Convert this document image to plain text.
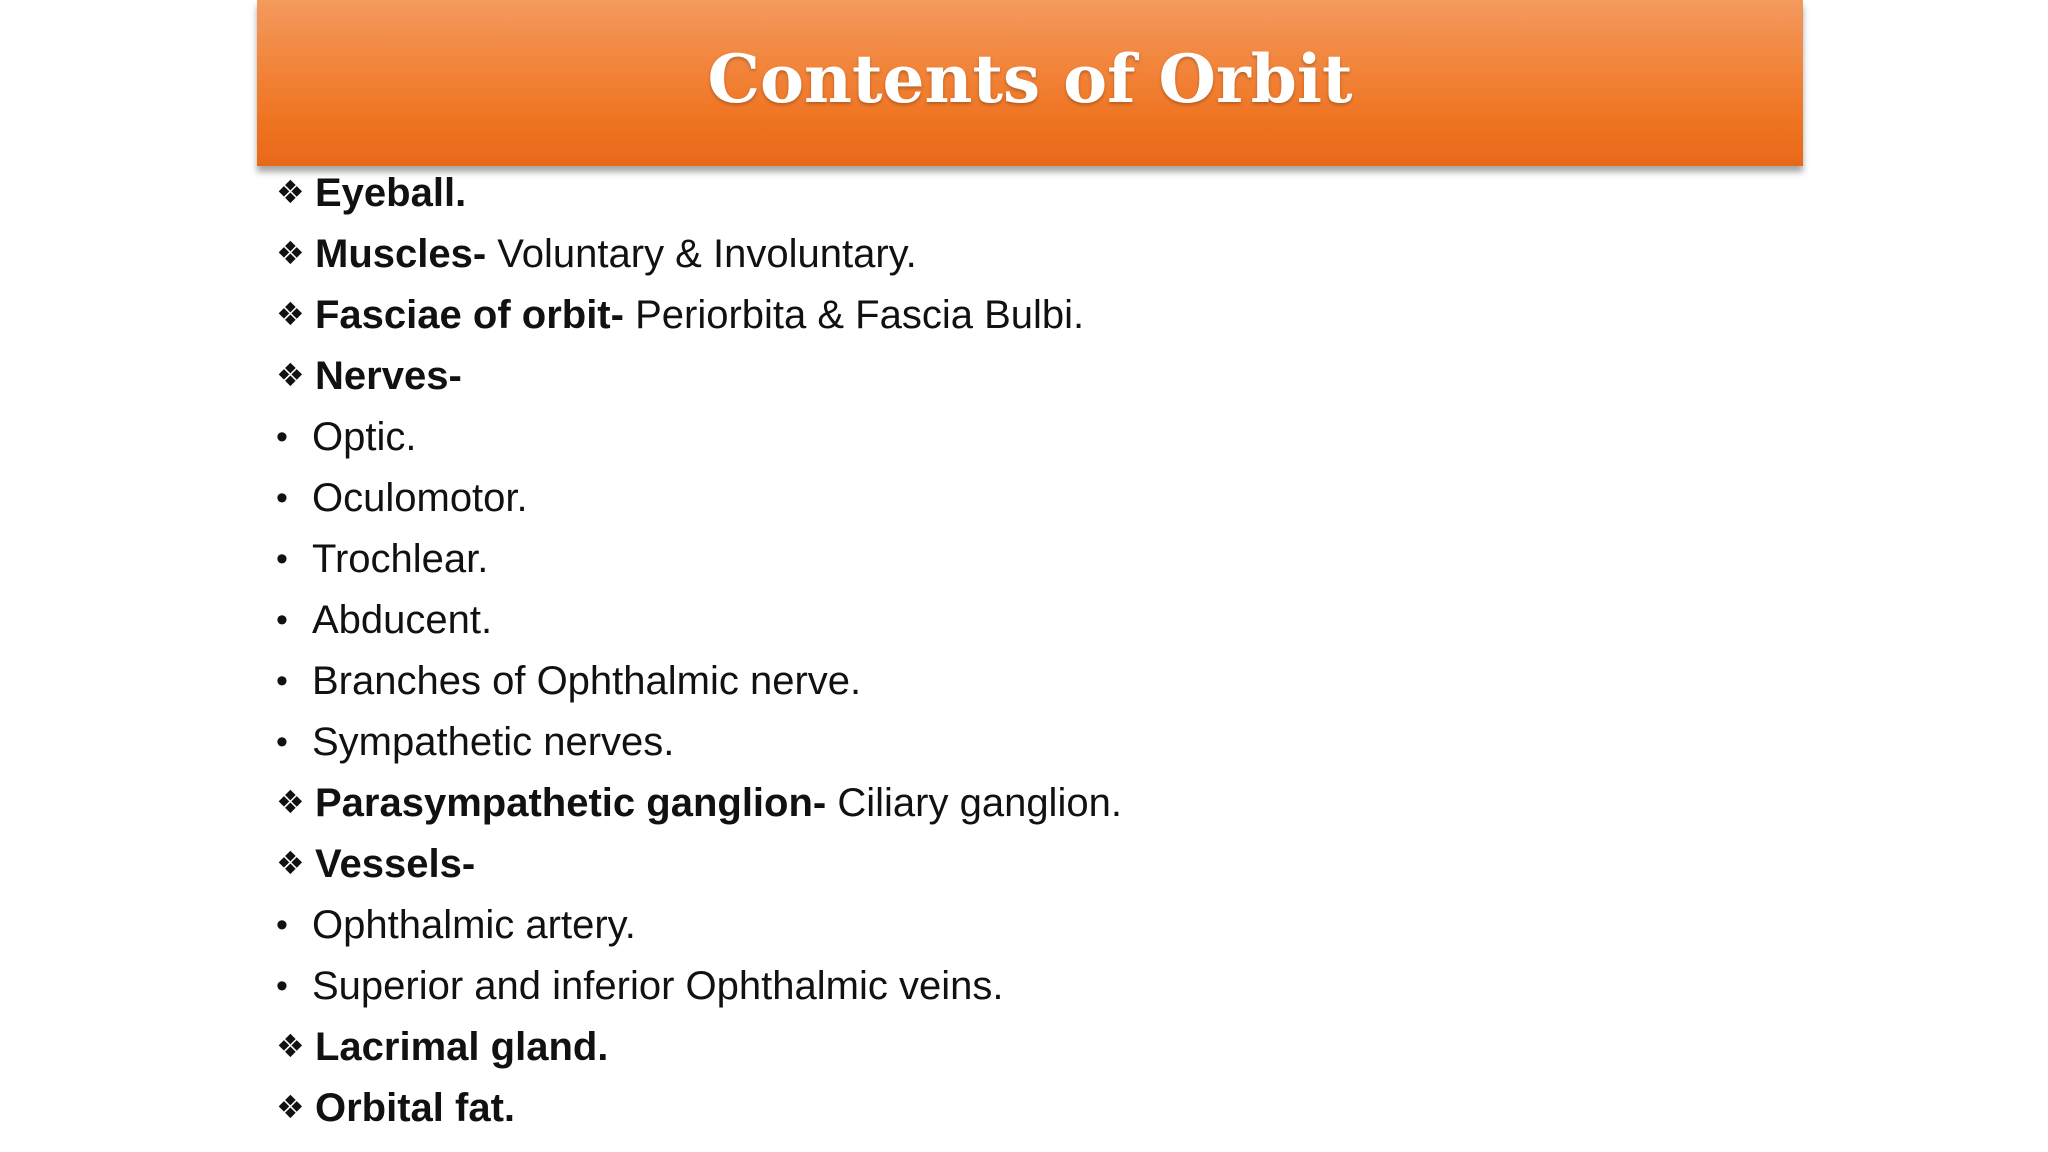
Contents of Orbit
❖ Eyeball.
❖ Muscles- Voluntary & Involuntary.
❖ Fasciae of orbit- Periorbita & Fascia Bulbi.
❖ Nerves-
• Optic.
• Oculomotor.
• Trochlear.
• Abducent.
• Branches of Ophthalmic nerve.
• Sympathetic nerves.
❖ Parasympathetic ganglion- Ciliary ganglion.
❖ Vessels-
• Ophthalmic artery.
• Superior and inferior Ophthalmic veins.
❖ Lacrimal gland.
❖ Orbital fat.
